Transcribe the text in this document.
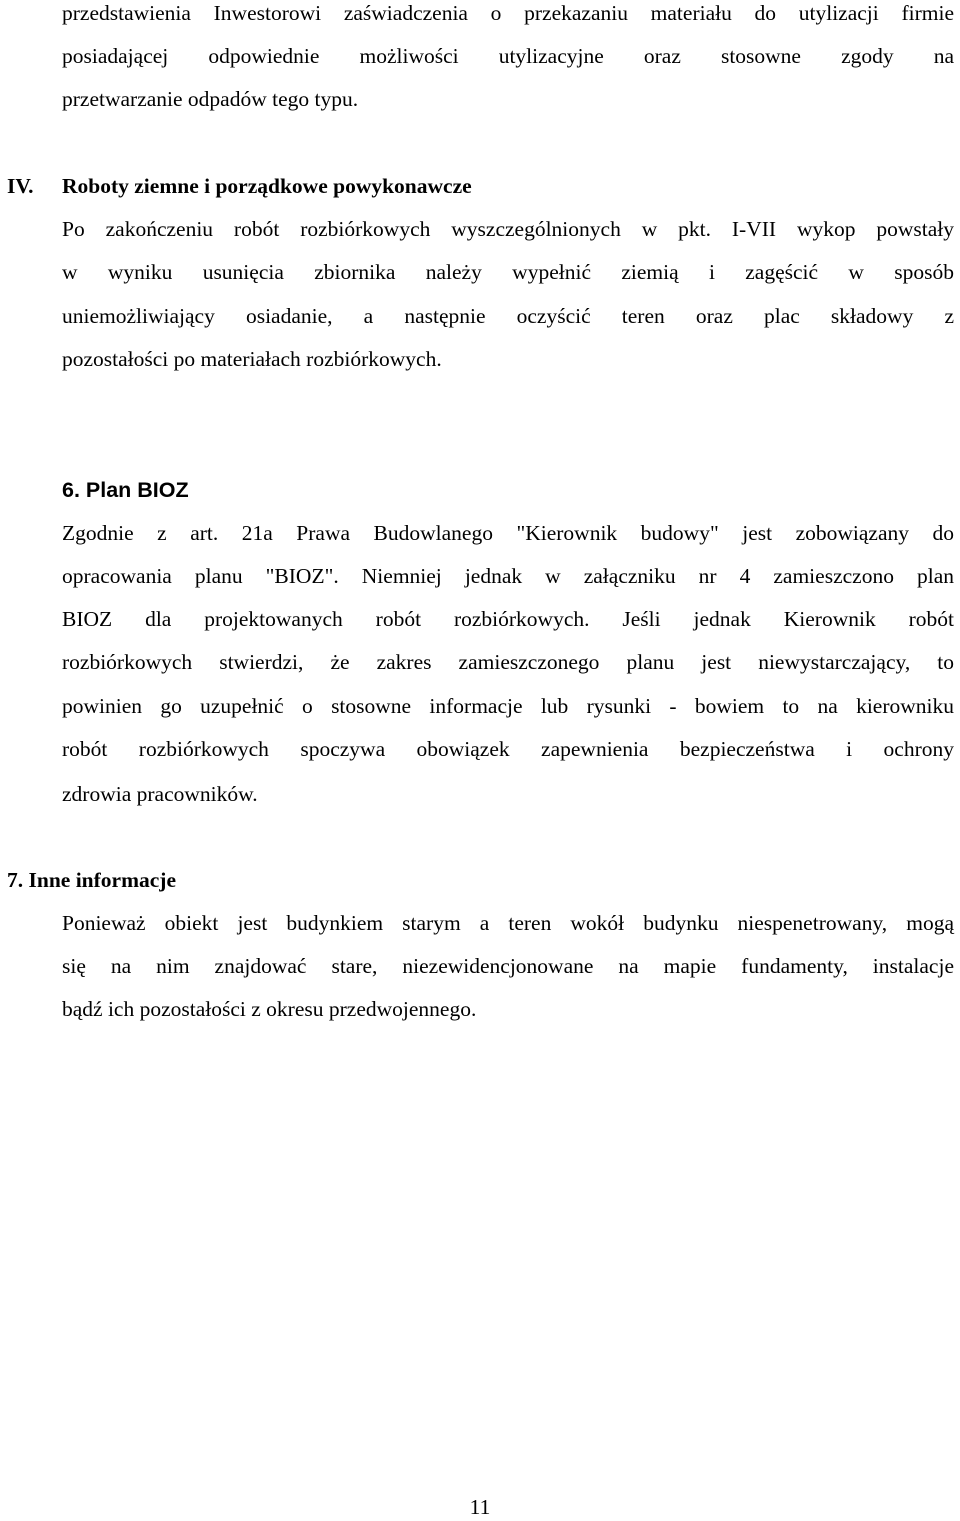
przedstawienia Inwestorowi zaświadczenia o przekazaniu materiału do utylizacji firmie
posiadającej odpowiednie możliwości utylizacyjne oraz stosowne zgody na
przetwarzanie odpadów tego typu.
IV. Roboty ziemne i porządkowe powykonawcze
Po zakończeniu robót rozbiórkowych wyszczególnionych w pkt. I-VII wykop powstały
w wyniku usunięcia zbiornika należy wypełnić ziemią i zagęścić w sposób
uniemożliwiający osiadanie, a następnie oczyścić teren oraz plac składowy z
pozostałości po materiałach rozbiórkowych.
6. Plan BIOZ
Zgodnie z art. 21a Prawa Budowlanego "Kierownik budowy" jest zobowiązany do
opracowania planu "BIOZ". Niemniej jednak w załączniku nr 4 zamieszczono plan
BIOZ dla projektowanych robót rozbiórkowych. Jeśli jednak Kierownik robót
rozbiórkowych stwierdzi, że zakres zamieszczonego planu jest niewystarczający, to
powinien go uzupełnić o stosowne informacje lub rysunki - bowiem to na kierowniku
robót rozbiórkowych spoczywa obowiązek zapewnienia bezpieczeństwa i ochrony
zdrowia pracowników.
7. Inne informacje
Ponieważ obiekt jest budynkiem starym a teren wokół budynku niespenetrowany, mogą
się na nim znajdować stare, niezewidencjonowane na mapie fundamenty, instalacje
bądź ich pozostałości z okresu przedwojennego.
11
